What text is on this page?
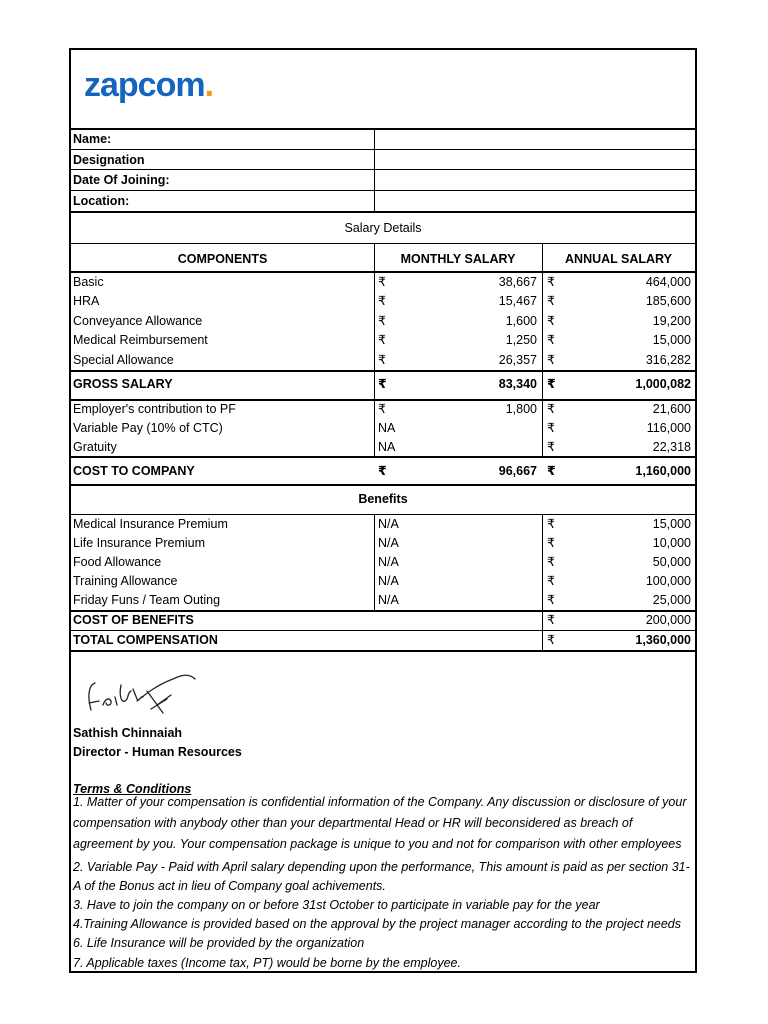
zapcom.
Name:
Designation
Date Of Joining:
Location:
Salary Details
COMPONENTS	MONTHLY SALARY	ANNUAL SALARY
Basic	₹	38,667 ₹	464,000
HRA	₹	15,467 ₹	185,600
Conveyance Allowance	₹	1,600 ₹	19,200
Medical Reimbursement	₹	1,250 ₹	15,000
Special Allowance	₹	26,357 ₹	316,282
GROSS SALARY	₹	83,340 ₹	1,000,082
Employer's contribution to PF	₹	1,800 ₹	21,600
Variable Pay (10% of CTC)	NA	₹	116,000
Gratuity	NA	₹	22,318
COST TO COMPANY	₹	96,667 ₹	1,160,000
Benefits
Medical Insurance Premium	N/A	₹	15,000
Life Insurance Premium	N/A	₹	10,000
Food Allowance	N/A	₹	50,000
Training Allowance	N/A	₹	100,000
Friday Funs / Team Outing	N/A	₹	25,000
COST OF BENEFITS	₹	200,000
TOTAL COMPENSATION	₹	1,360,000
Sathish Chinnaiah
Director - Human Resources
Terms & Conditions
1. Matter of your compensation is confidential information of the Company. Any discussion or disclosure of your compensation with anybody other than your departmental Head or HR will beconsidered as breach of agreement by you. Your compensation package is unique to you and not for comparison with other employees
2. Variable Pay - Paid with April salary depending upon the performance, This amount is paid as per section 31-A of the Bonus act in lieu of Company goal achivements.
3. Have to join the company on or before 31st October to participate in variable pay for the year
4.Training Allowance is provided based on the approval by the project manager according to the project needs
6. Life Insurance will be provided by the organization
7. Applicable taxes (Income tax, PT) would be borne by the employee.
